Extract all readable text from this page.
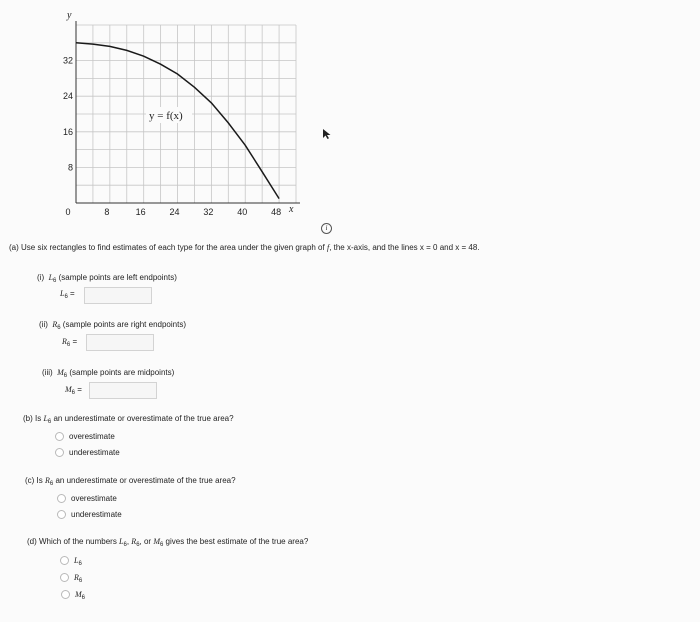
0	8	16	24	32	40	48
8
16
24
32
y
x
y = f(x)
i
(a) Use six rectangles to find estimates of each type for the area under the given graph of f, the x-axis, and the lines x = 0 and x = 48.
(i) $L_6$ (sample points are left endpoints)
$L_6$ =
(ii) $R_6$ (sample points are right endpoints)
$R_6$ =
(iii) $M_6$ (sample points are midpoints)
$M_6$ =
(b) Is $L_6$ an underestimate or overestimate of the true area?
overestimate
underestimate
(c) Is $R_6$ an underestimate or overestimate of the true area?
overestimate
underestimate
(d) Which of the numbers $L_6$, $R_6$, or $M_6$ gives the best estimate of the true area?
$L_6$
$R_6$
$M_6$
